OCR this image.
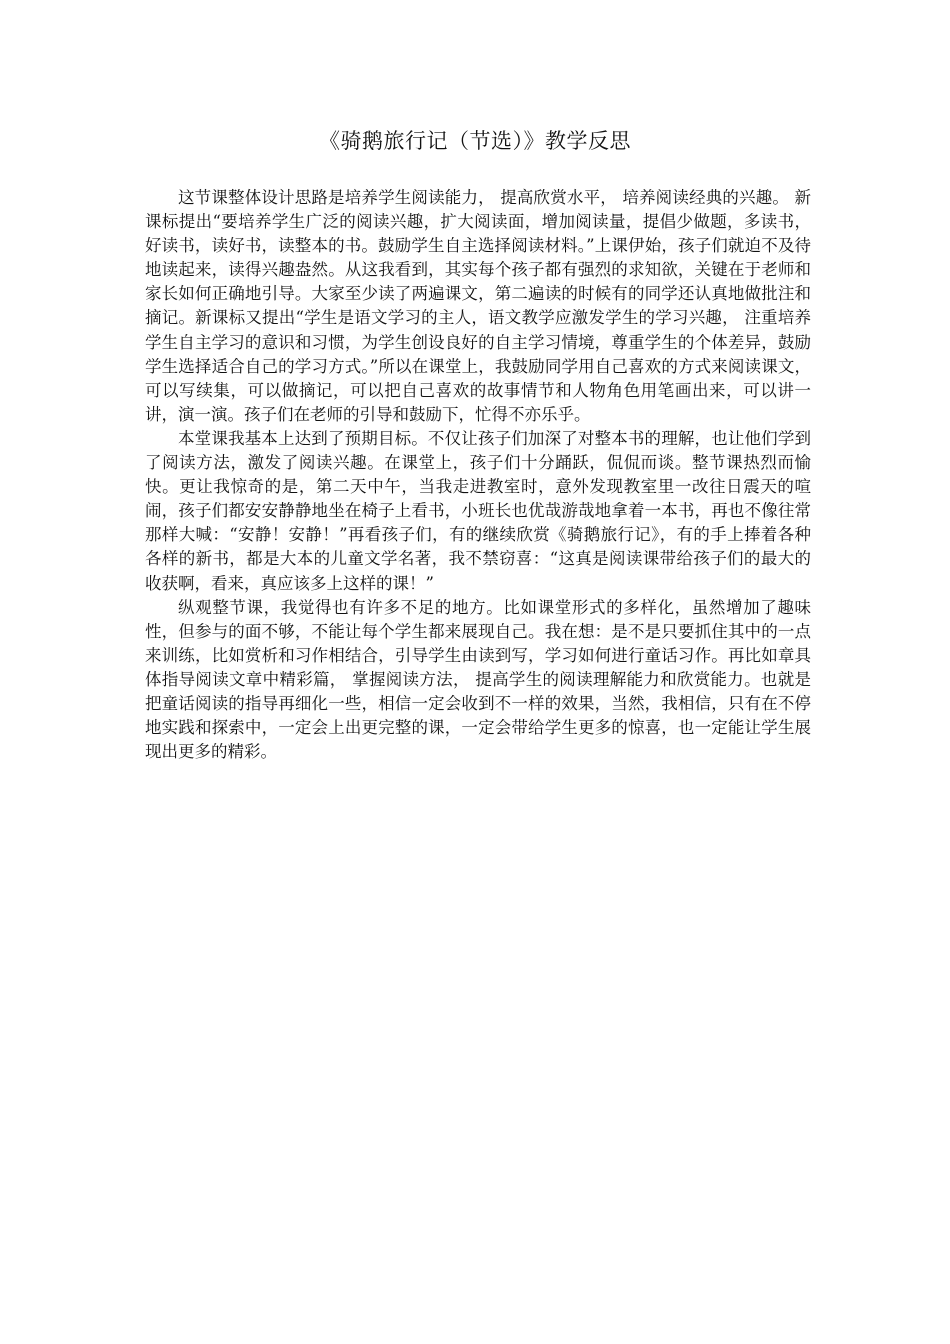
《骑鹅旅行记（节选）》教学反思

这节课整体设计思路是培养学生阅读能力， 提高欣赏水平， 培养阅读经典的兴趣。 新课标提出“要培养学生广泛的阅读兴趣，扩大阅读面，增加阅读量，提倡少做题，多读书，好读书，读好书，读整本的书。鼓励学生自主选择阅读材料。”上课伊始，孩子们就迫不及待地读起来，读得兴趣盎然。从这我看到，其实每个孩子都有强烈的求知欲，关键在于老师和家长如何正确地引导。大家至少读了两遍课文，第二遍读的时候有的同学还认真地做批注和摘记。新课标又提出“学生是语文学习的主人，语文教学应激发学生的学习兴趣， 注重培养学生自主学习的意识和习惯，为学生创设良好的自主学习情境，尊重学生的个体差异，鼓励学生选择适合自己的学习方式。”所以在课堂上，我鼓励同学用自己喜欢的方式来阅读课文，可以写续集，可以做摘记，可以把自己喜欢的故事情节和人物角色用笔画出来，可以讲一讲，演一演。孩子们在老师的引导和鼓励下，忙得不亦乐乎。

本堂课我基本上达到了预期目标。不仅让孩子们加深了对整本书的理解，也让他们学到了阅读方法，激发了阅读兴趣。在课堂上，孩子们十分踊跃，侃侃而谈。整节课热烈而愉快。更让我惊奇的是，第二天中午，当我走进教室时，意外发现教室里一改往日震天的喧闹，孩子们都安安静静地坐在椅子上看书，小班长也优哉游哉地拿着一本书，再也不像往常那样大喊：“安静！安静！”再看孩子们，有的继续欣赏《骑鹅旅行记》，有的手上捧着各种各样的新书，都是大本的儿童文学名著，我不禁窃喜：“这真是阅读课带给孩子们的最大的收获啊，看来，真应该多上这样的课！”

纵观整节课，我觉得也有许多不足的地方。比如课堂形式的多样化，虽然增加了趣味性，但参与的面不够，不能让每个学生都来展现自己。我在想：是不是只要抓住其中的一点来训练，比如赏析和习作相结合，引导学生由读到写，学习如何进行童话习作。再比如章具体指导阅读文章中精彩篇， 掌握阅读方法， 提高学生的阅读理解能力和欣赏能力。也就是把童话阅读的指导再细化一些，相信一定会收到不一样的效果，当然，我相信，只有在不停地实践和探索中，一定会上出更完整的课，一定会带给学生更多的惊喜，也一定能让学生展现出更多的精彩。
